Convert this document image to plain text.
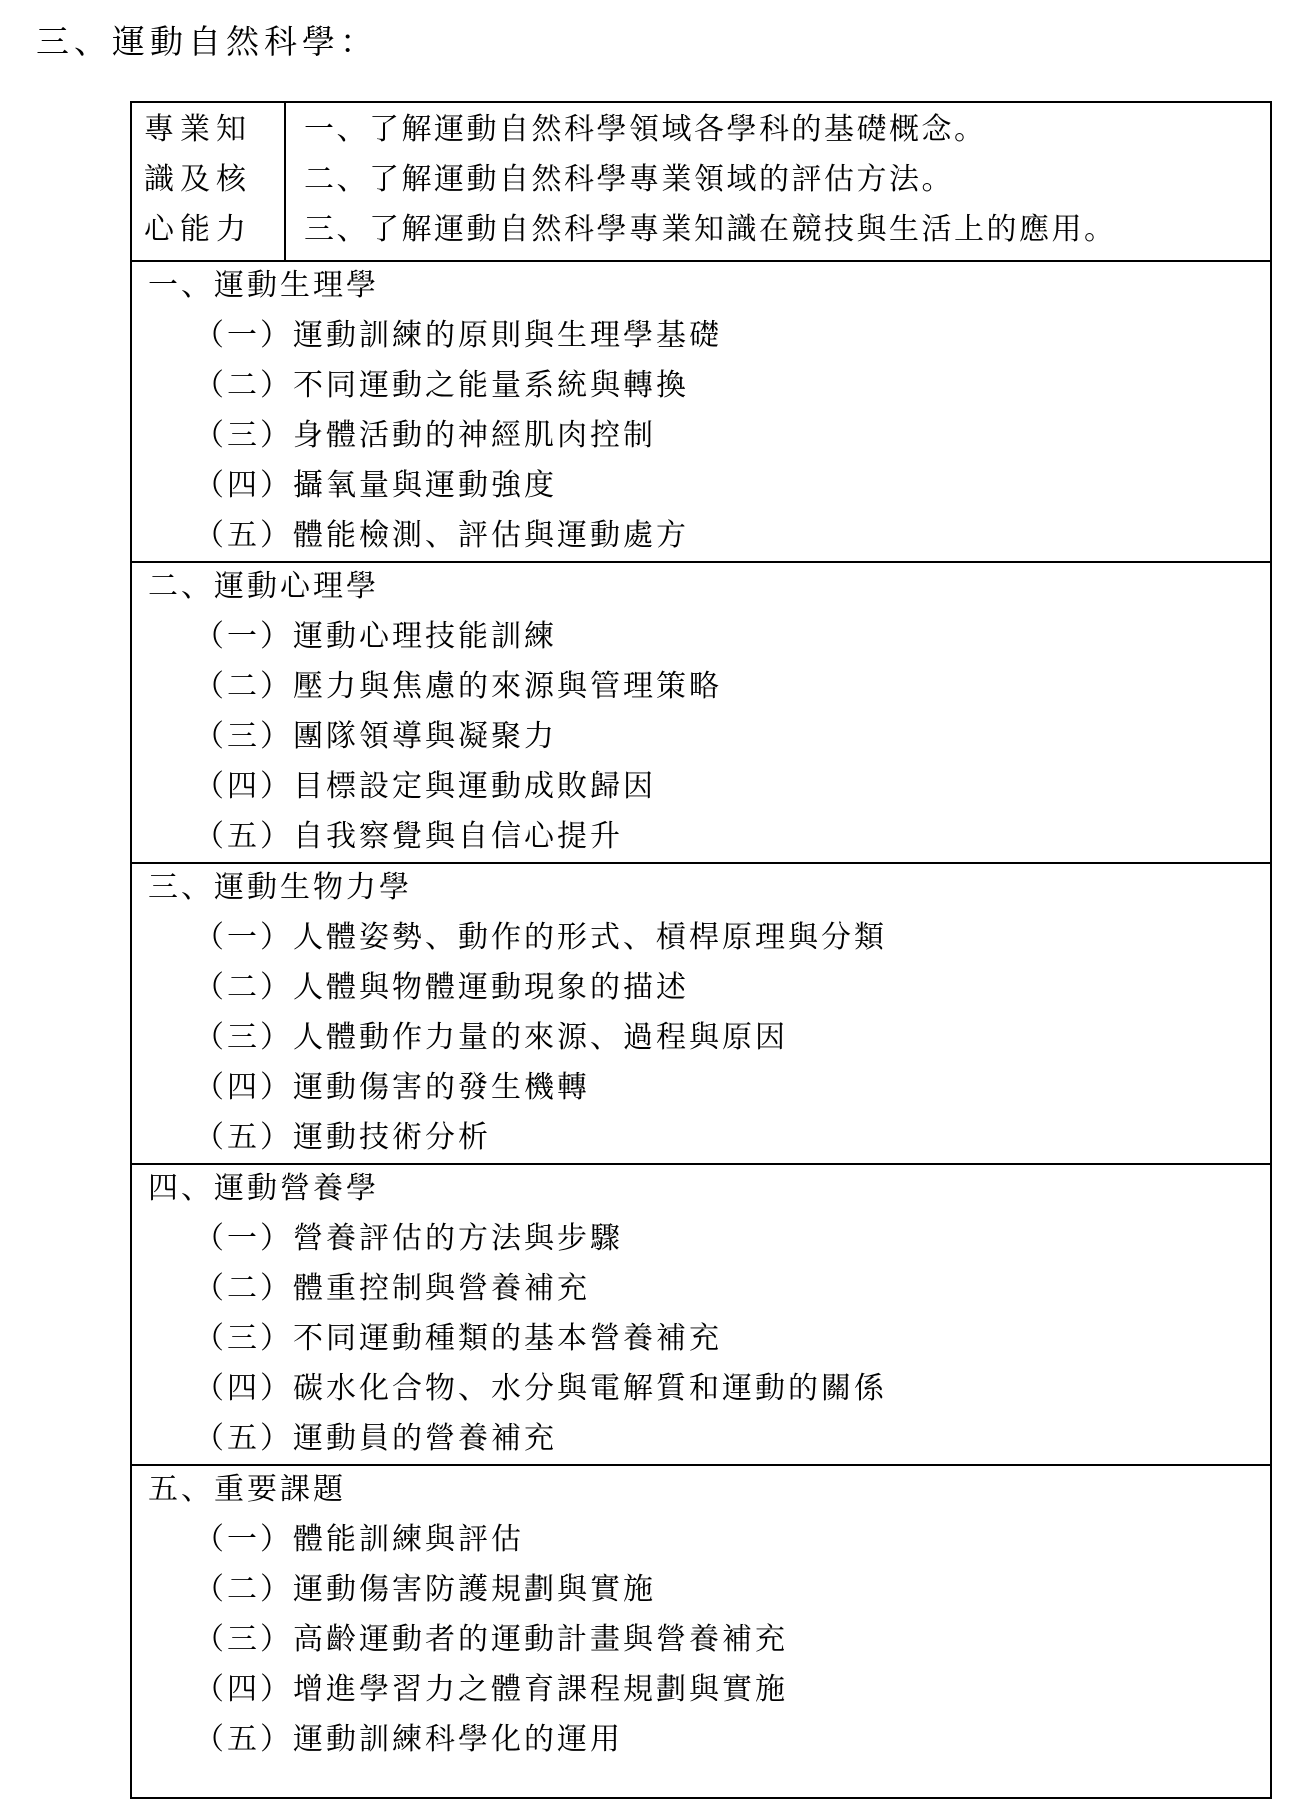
三、運動自然科學：
專業知
識及核
心能力
一、了解運動自然科學領域各學科的基礎概念。
二、了解運動自然科學專業領域的評估方法。
三、了解運動自然科學專業知識在競技與生活上的應用。
一、運動生理學
（一）運動訓練的原則與生理學基礎
（二）不同運動之能量系統與轉換
（三）身體活動的神經肌肉控制
（四）攝氧量與運動強度
（五）體能檢測、評估與運動處方
二、運動心理學
（一）運動心理技能訓練
（二）壓力與焦慮的來源與管理策略
（三）團隊領導與凝聚力
（四）目標設定與運動成敗歸因
（五）自我察覺與自信心提升
三、運動生物力學
（一）人體姿勢、動作的形式、槓桿原理與分類
（二）人體與物體運動現象的描述
（三）人體動作力量的來源、過程與原因
（四）運動傷害的發生機轉
（五）運動技術分析
四、運動營養學
（一）營養評估的方法與步驟
（二）體重控制與營養補充
（三）不同運動種類的基本營養補充
（四）碳水化合物、水分與電解質和運動的關係
（五）運動員的營養補充
五、重要課題
（一）體能訓練與評估
（二）運動傷害防護規劃與實施
（三）高齡運動者的運動計畫與營養補充
（四）增進學習力之體育課程規劃與實施
（五）運動訓練科學化的運用
